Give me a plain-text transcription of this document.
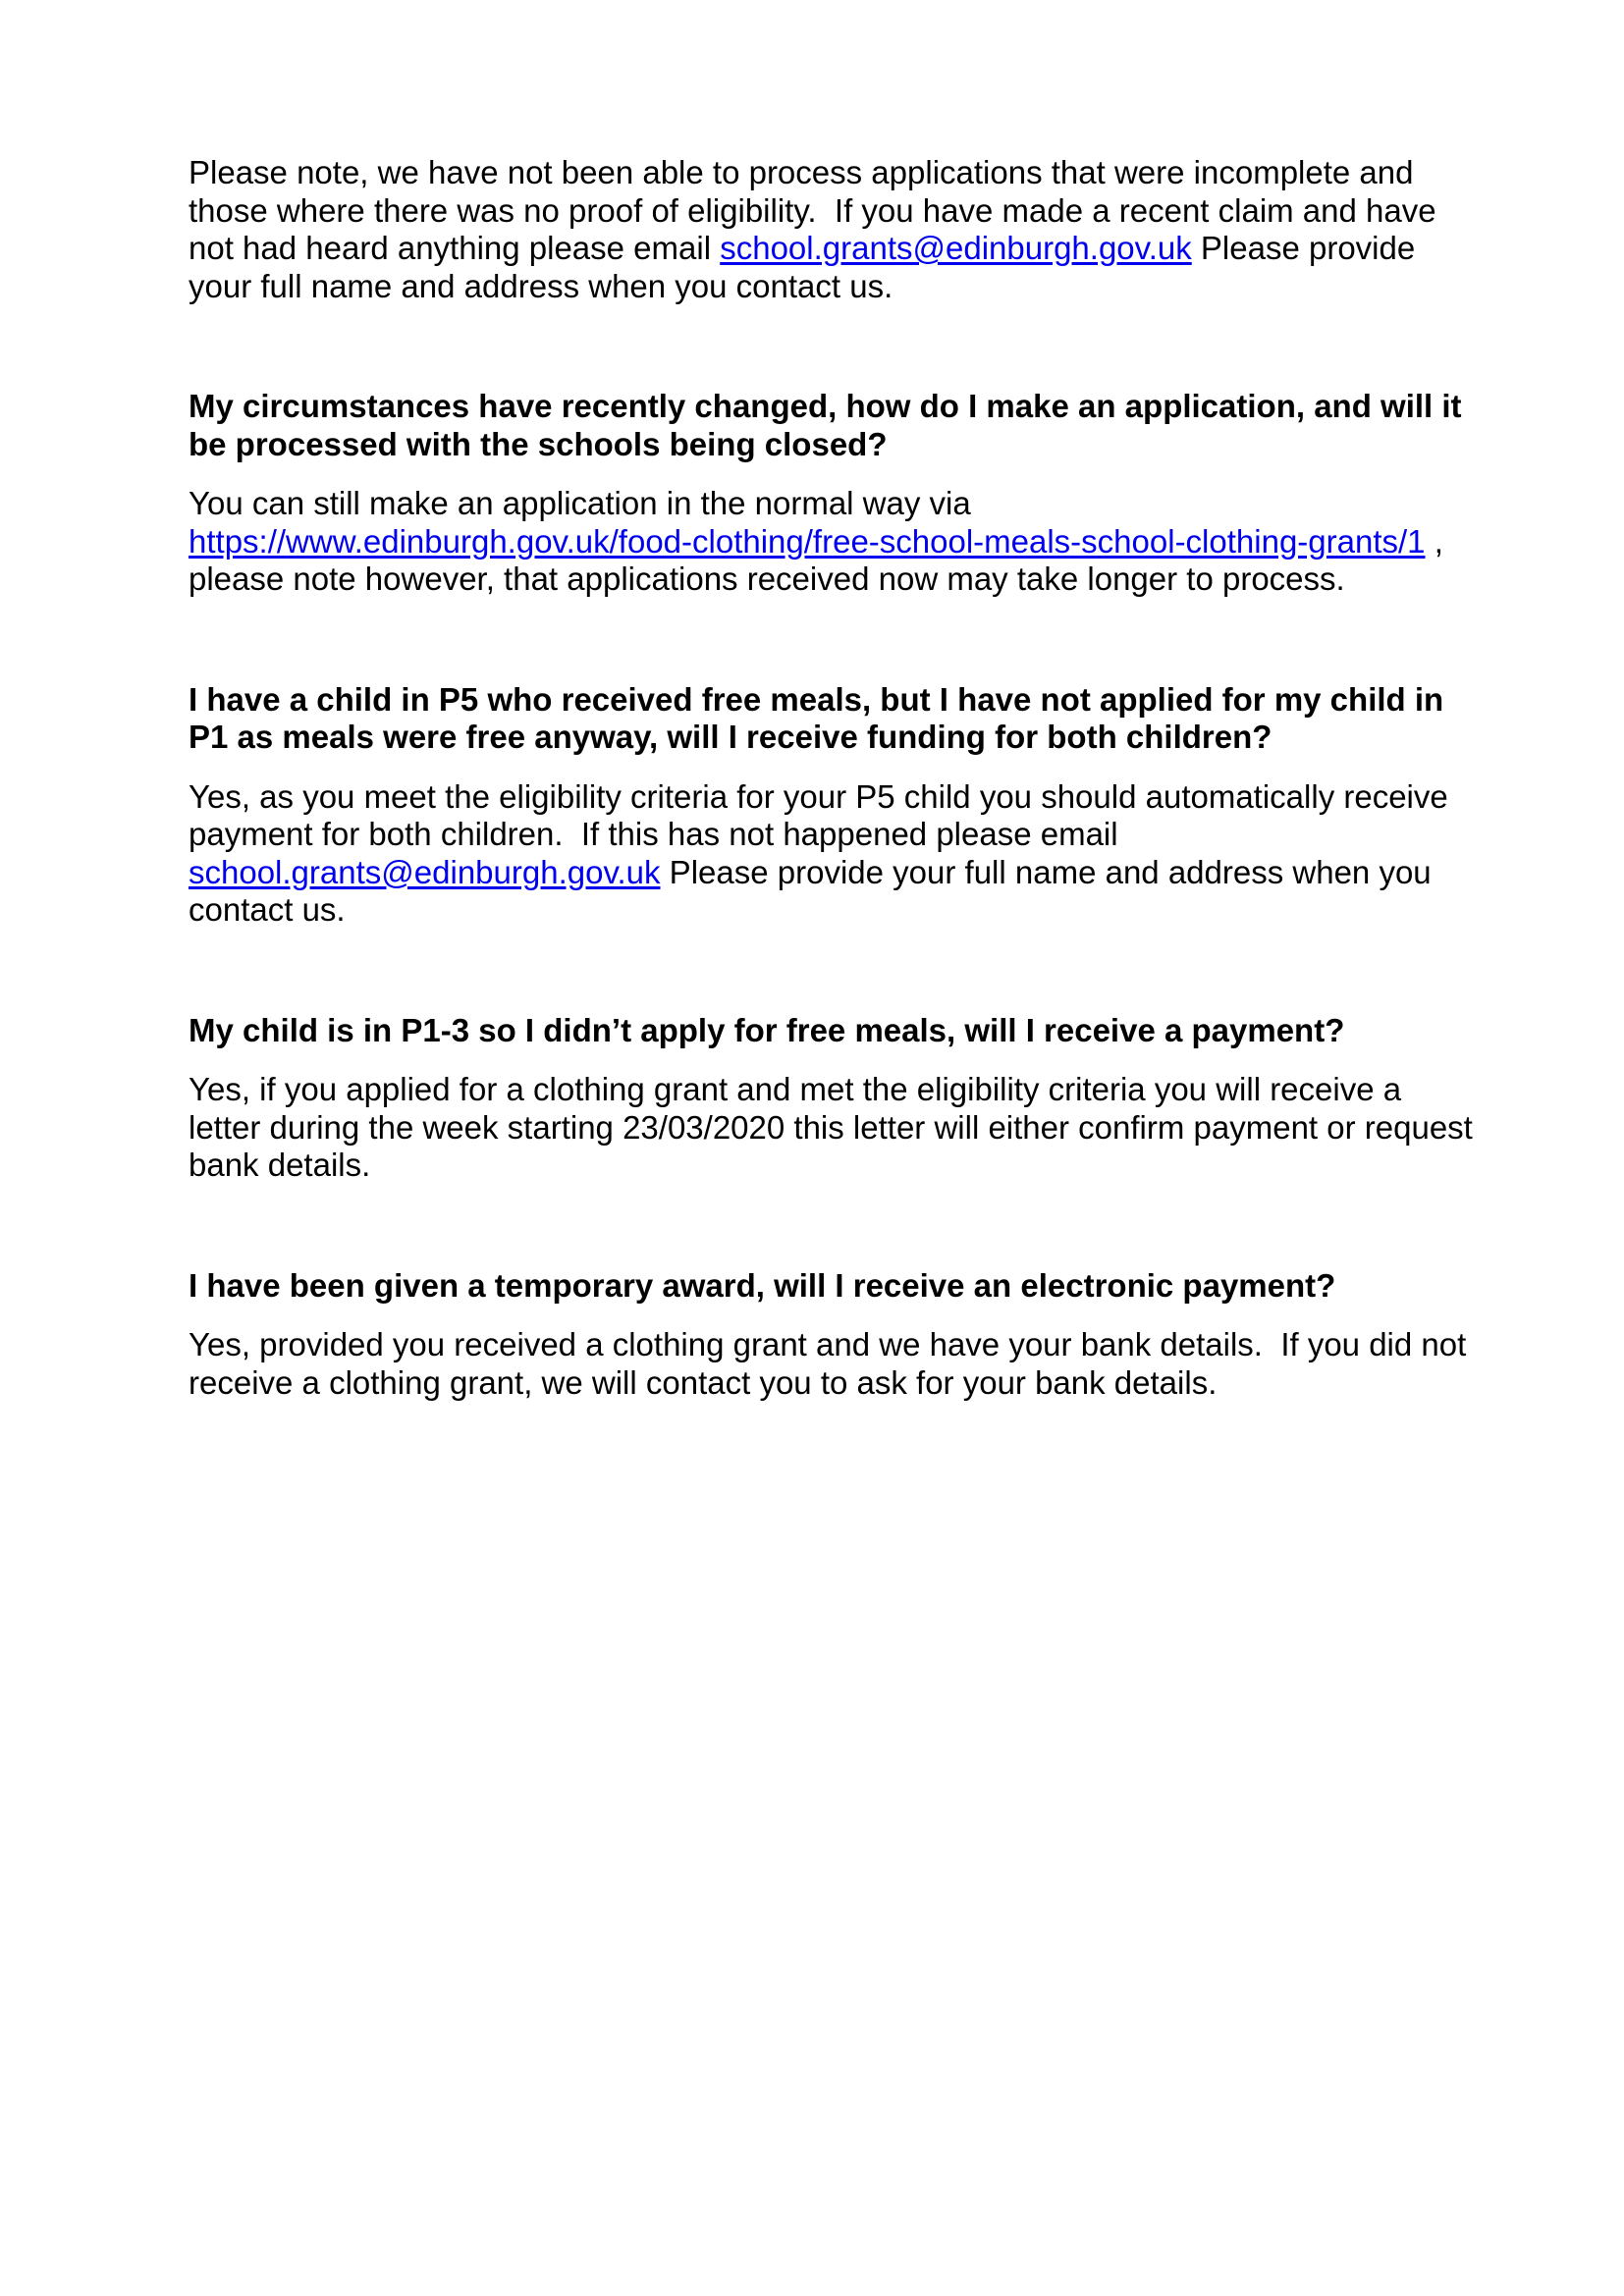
Please note, we have not been able to process applications that were incomplete and
those where there was no proof of eligibility.  If you have made a recent claim and have
not had heard anything please email school.grants@edinburgh.gov.uk Please provide
your full name and address when you contact us.

My circumstances have recently changed, how do I make an application, and will it
be processed with the schools being closed?

You can still make an application in the normal way via
https://www.edinburgh.gov.uk/food-clothing/free-school-meals-school-clothing-grants/1 ,
please note however, that applications received now may take longer to process.

I have a child in P5 who received free meals, but I have not applied for my child in
P1 as meals were free anyway, will I receive funding for both children?

Yes, as you meet the eligibility criteria for your P5 child you should automatically receive
payment for both children.  If this has not happened please email
school.grants@edinburgh.gov.uk Please provide your full name and address when you
contact us.

My child is in P1-3 so I didn’t apply for free meals, will I receive a payment?

Yes, if you applied for a clothing grant and met the eligibility criteria you will receive a
letter during the week starting 23/03/2020 this letter will either confirm payment or request
bank details.

I have been given a temporary award, will I receive an electronic payment?

Yes, provided you received a clothing grant and we have your bank details.  If you did not
receive a clothing grant, we will contact you to ask for your bank details.
